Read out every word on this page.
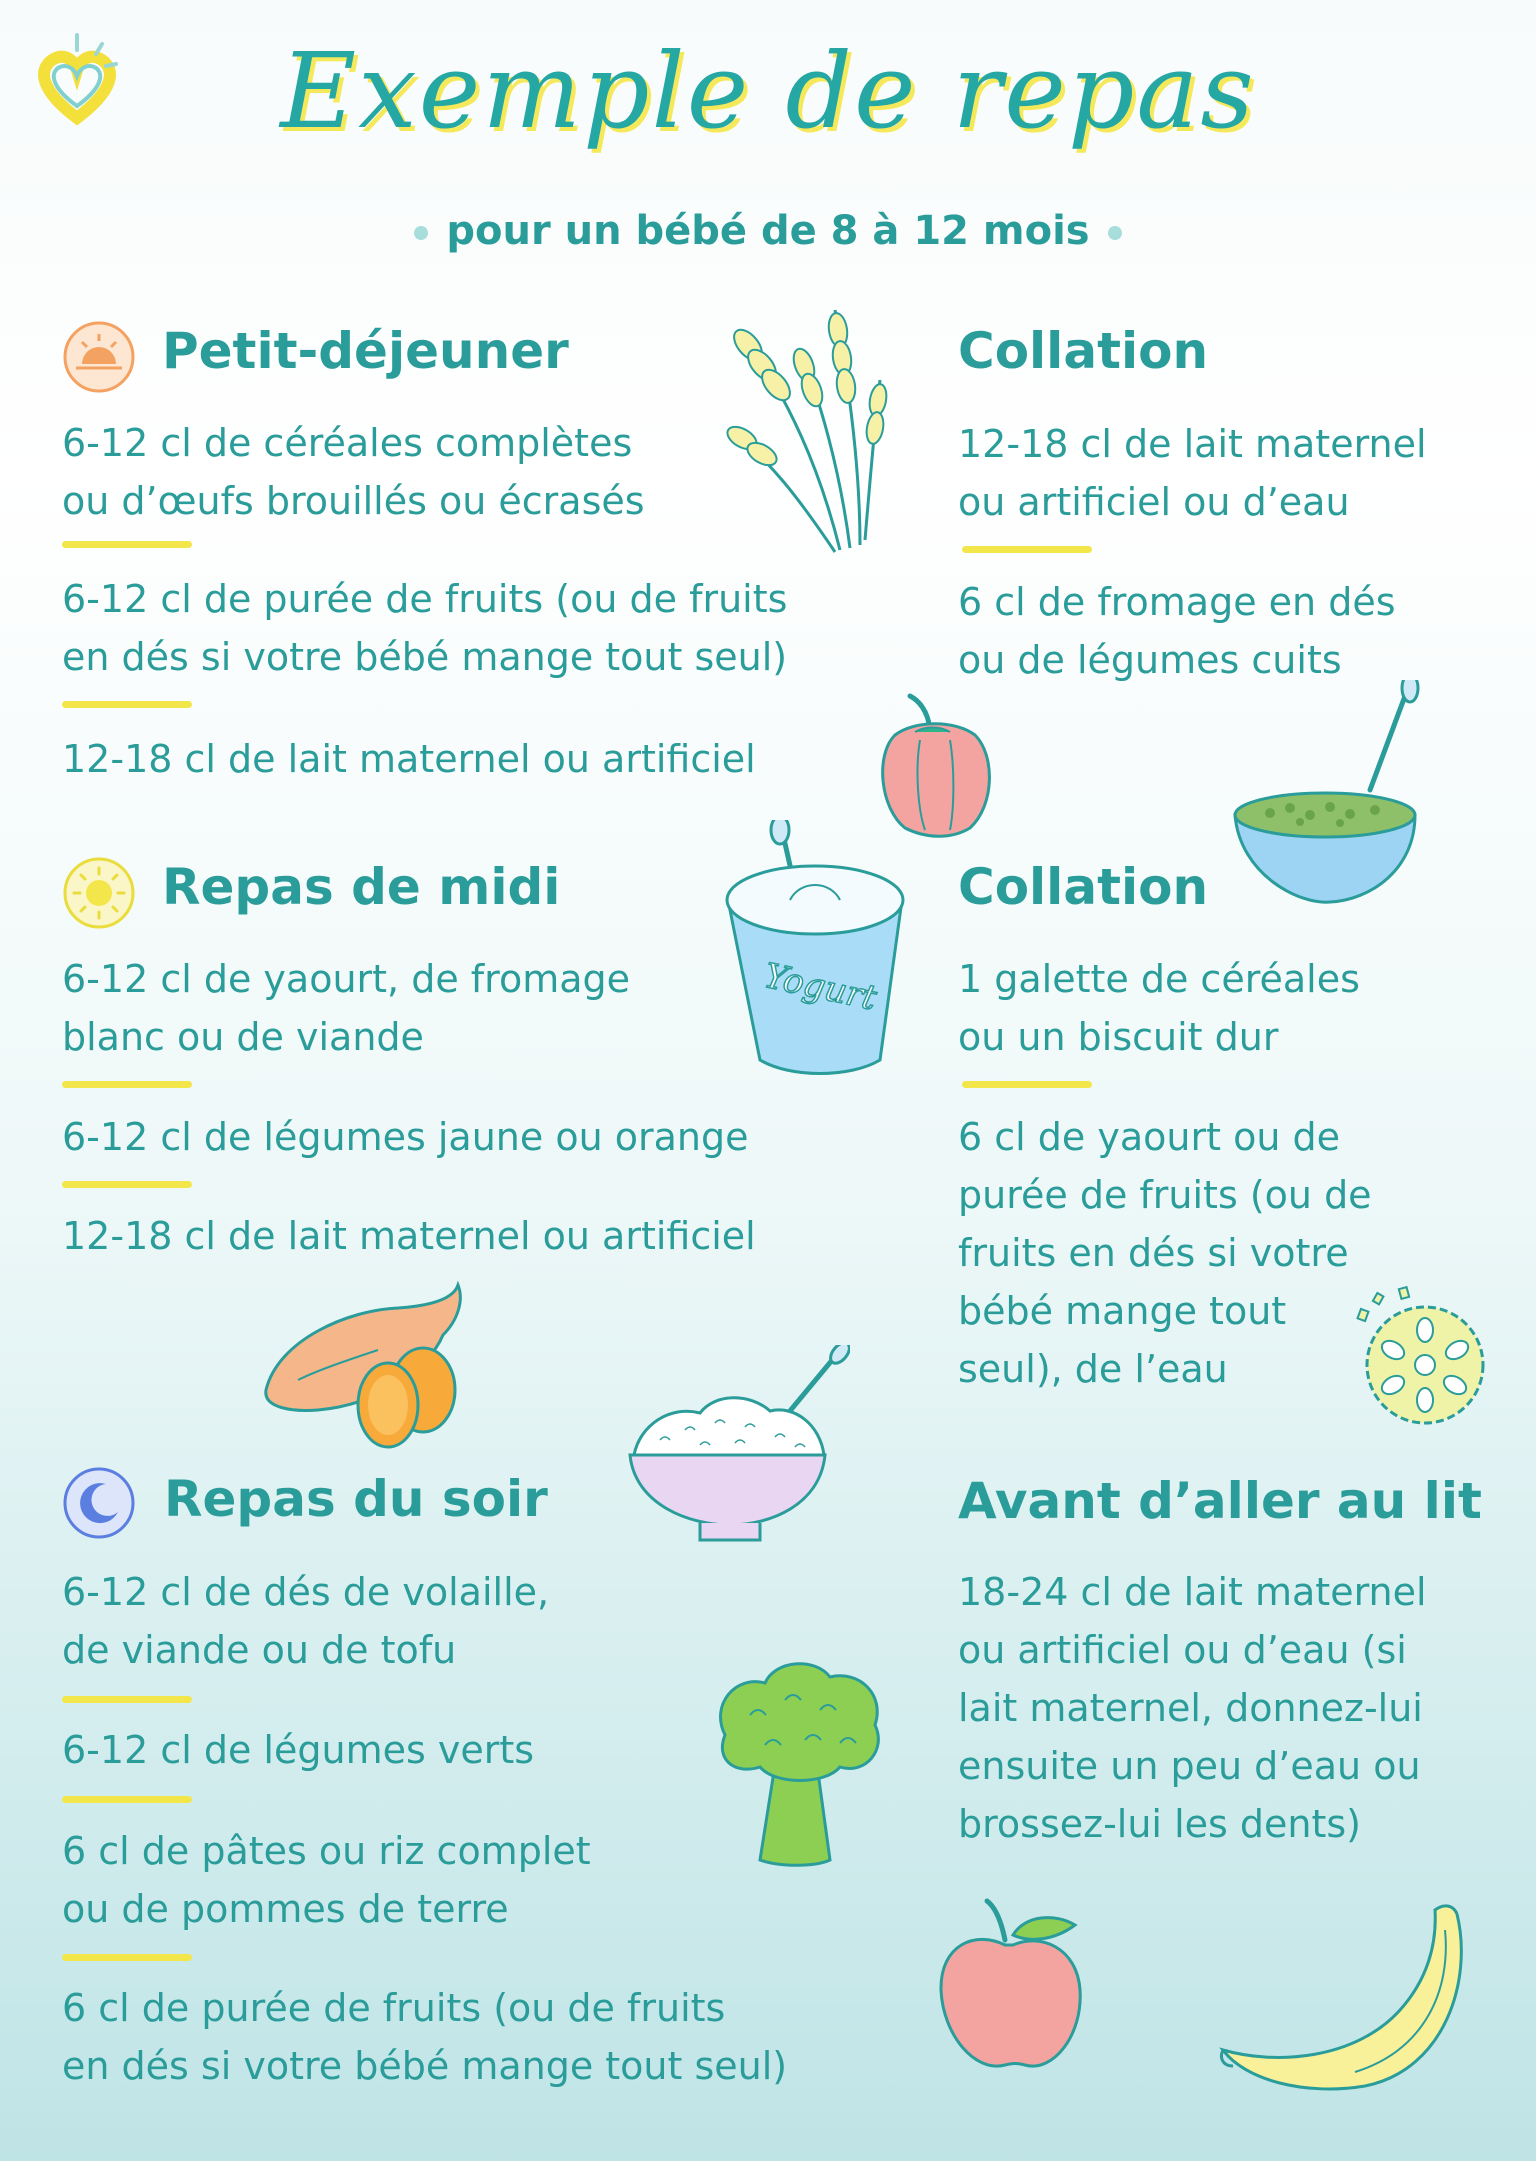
Exemple de repas
pour un bébé de 8 à 12 mois
Petit-déjeuner
6-12 cl de céréales complètes
ou d’œufs brouillés ou écrasés
6-12 cl de purée de fruits (ou de fruits
en dés si votre bébé mange tout seul)
12-18 cl de lait maternel ou artificiel
Repas de midi
6-12 cl de yaourt, de fromage
blanc ou de viande
6-12 cl de légumes jaune ou orange
12-18 cl de lait maternel ou artificiel
Repas du soir
6-12 cl de dés de volaille,
de viande ou de tofu
6-12 cl de légumes verts
6 cl de pâtes ou riz complet
ou de pommes de terre
6 cl de purée de fruits (ou de fruits
en dés si votre bébé mange tout seul)
Collation
12-18 cl de lait maternel
ou artificiel ou d’eau
6 cl de fromage en dés
ou de légumes cuits
Collation
1 galette de céréales
ou un biscuit dur
6 cl de yaourt ou de
purée de fruits (ou de
fruits en dés si votre
bébé mange tout
seul), de l’eau
Avant d’aller au lit
18-24 cl de lait maternel
ou artificiel ou d’eau (si
lait maternel, donnez-lui
ensuite un peu d’eau ou
brossez-lui les dents)
Yogurt
